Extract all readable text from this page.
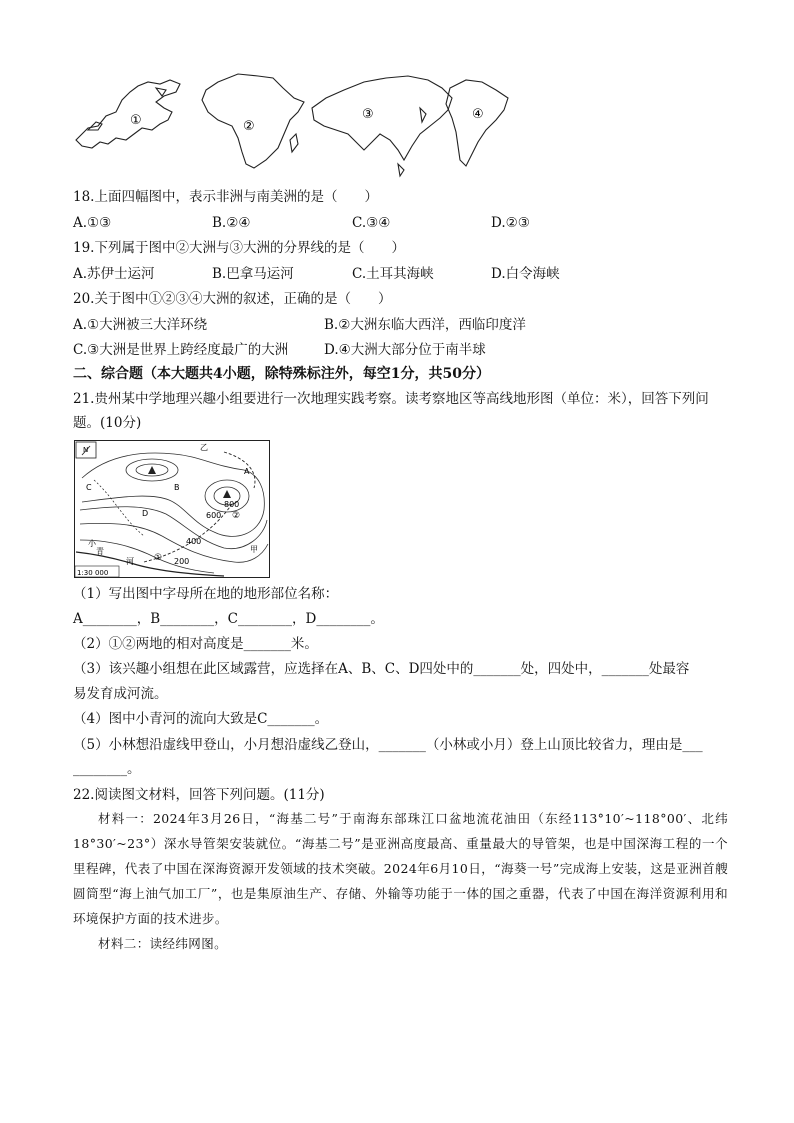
①	②
③	④
18.上面四幅图中，表示非洲与南美洲的是（　　）
A.①③	B.②④	C.③④	D.②③
19.下列属于图中②大洲与③大洲的分界线的是（　　）
A.苏伊士运河	B.巴拿马运河	C.土耳其海峡	D.白令海峡
20.关于图中①②③④大洲的叙述，正确的是（　　）
A.①大洲被三大洋环绕	B.②大洲东临大西洋，西临印度洋
C.③大洲是世界上跨经度最广的大洲	D.④大洲大部分位于南半球
二、综合题（本大题共4小题，除特殊标注外，每空1分，共50分）
21.贵州某中学地理兴趣小组要进行一次地理实践考察。读考察地区等高线地形图（单位：米），回答下列问
题。(10分)
N
800
600
400
200
A
B
C
D
①
②
甲
乙
小
青
河
1:30 000
（1）写出图中字母所在地的地形部位名称：
A________，B________，C________，D________。
（2）①②两地的相对高度是_______米。
（3）该兴趣小组想在此区域露营，应选择在A、B、C、D四处中的_______处，四处中，_______处最容
易发育成河流。
（4）图中小青河的流向大致是C_______。
（5）小林想沿虚线甲登山，小月想沿虚线乙登山，_______（小林或小月）登上山顶比较省力，理由是___
________。
22.阅读图文材料，回答下列问题。(11分)

材料一：2024年3月26日，“海基二号”于南海东部珠江口盆地流花油田（东经113°10′~118°00′、北纬18°30′~23°）深水导管架安装就位。“海基二号”是亚洲高度最高、重量最大的导管架，也是中国深海工程的一个里程碑，代表了中国在深海资源开发领域的技术突破。2024年6月10日，“海葵一号”完成海上安装，这是亚洲首艘圆筒型“海上油气加工厂”，也是集原油生产、存储、外输等功能于一体的国之重器，代表了中国在海洋资源利用和环境保护方面的技术进步。

材料二：读经纬网图。
